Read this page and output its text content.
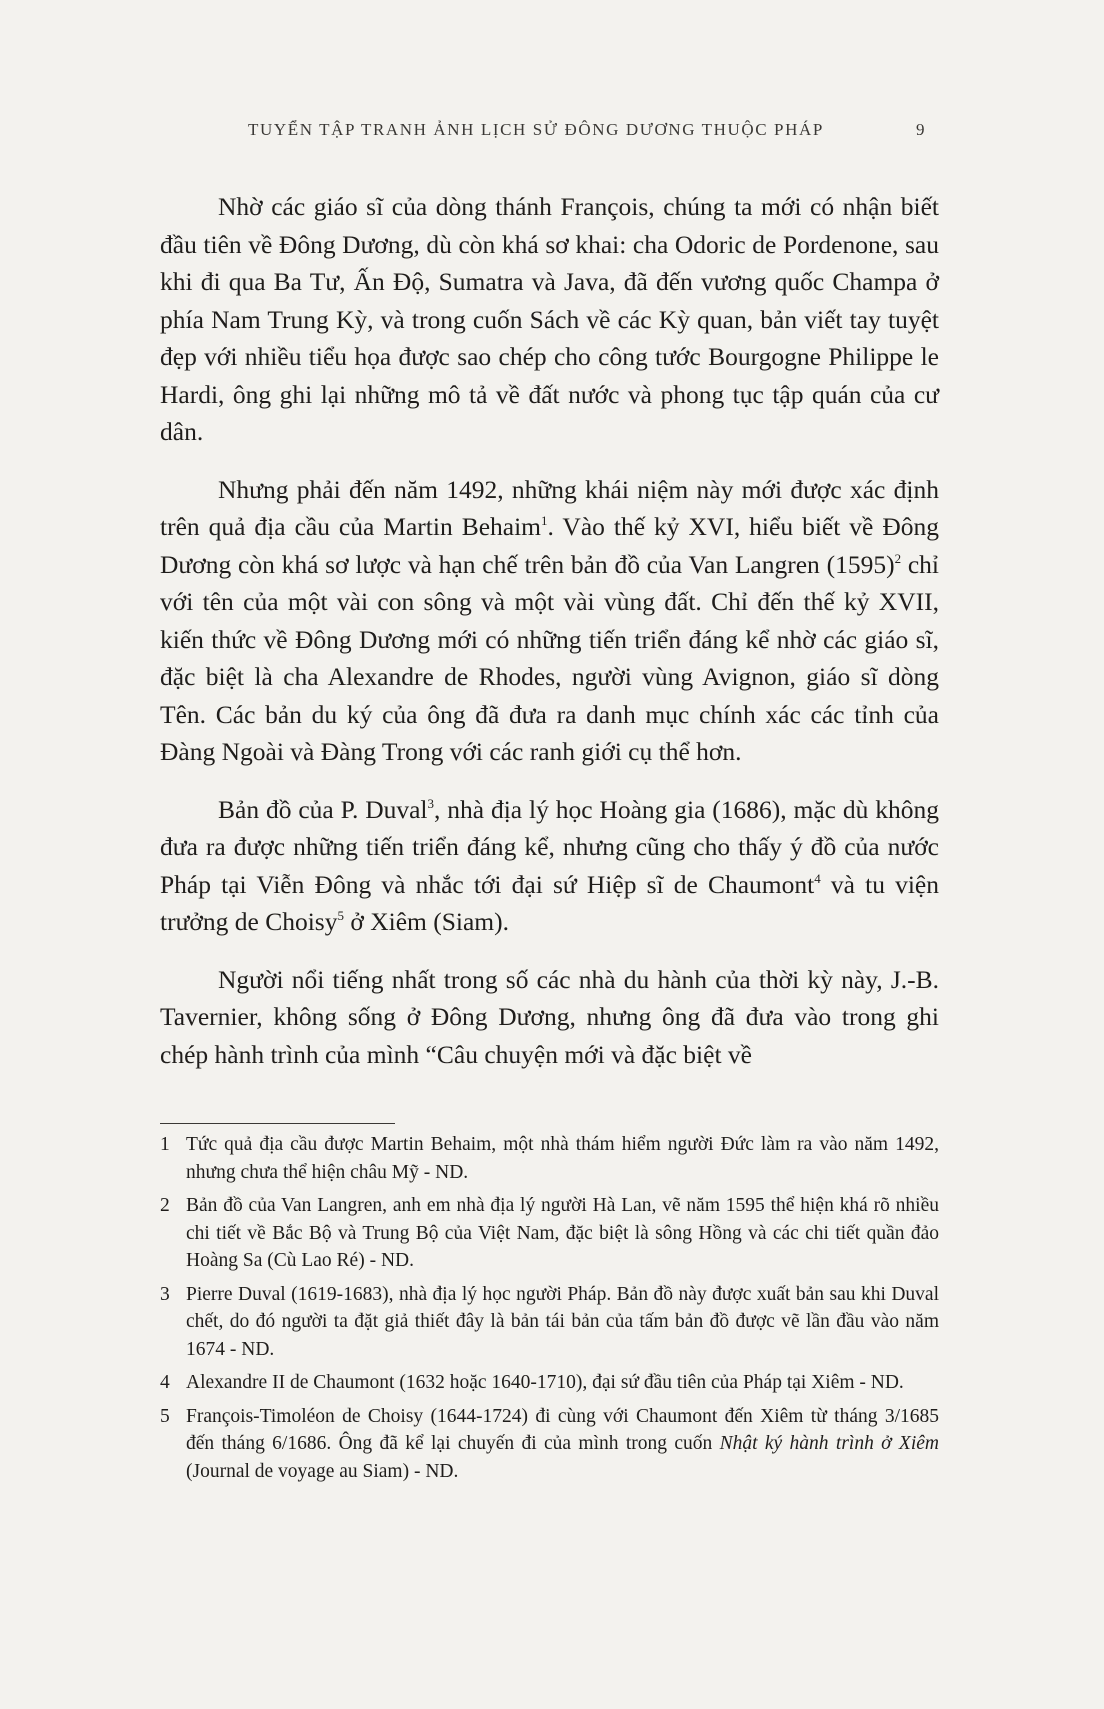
TUYỂN TẬP TRANH ẢNH LỊCH SỬ ĐÔNG DƯƠNG THUỘC PHÁP	9

Nhờ các giáo sĩ của dòng thánh François, chúng ta mới có nhận biết đầu tiên về Đông Dương, dù còn khá sơ khai: cha Odoric de Pordenone, sau khi đi qua Ba Tư, Ấn Độ, Sumatra và Java, đã đến vương quốc Champa ở phía Nam Trung Kỳ, và trong cuốn Sách về các Kỳ quan, bản viết tay tuyệt đẹp với nhiều tiểu họa được sao chép cho công tước Bourgogne Philippe le Hardi, ông ghi lại những mô tả về đất nước và phong tục tập quán của cư dân.

Nhưng phải đến năm 1492, những khái niệm này mới được xác định trên quả địa cầu của Martin Behaim$^1$. Vào thế kỷ XVI, hiểu biết về Đông Dương còn khá sơ lược và hạn chế trên bản đồ của Van Langren $(1595)^2$ chỉ với tên của một vài con sông và một vài vùng đất. Chỉ đến thế kỷ XVII, kiến thức về Đông Dương mới có những tiến triển đáng kể nhờ các giáo sĩ, đặc biệt là cha Alexandre de Rhodes, người vùng Avignon, giáo sĩ dòng Tên. Các bản du ký của ông đã đưa ra danh mục chính xác các tỉnh của Đàng Ngoài và Đàng Trong với các ranh giới cụ thể hơn.

Bản đồ của P. Duval$^3$, nhà địa lý học Hoàng gia (1686), mặc dù không đưa ra được những tiến triển đáng kể, nhưng cũng cho thấy ý đồ của nước Pháp tại Viễn Đông và nhắc tới đại sứ Hiệp sĩ de Chaumont$^4$ và tu viện trưởng de Choisy$^5$ ở Xiêm (Siam).

Người nổi tiếng nhất trong số các nhà du hành của thời kỳ này, J.-B. Tavernier, không sống ở Đông Dương, nhưng ông đã đưa vào trong ghi chép hành trình của mình “Câu chuyện mới và đặc biệt về

1 Tức quả địa cầu được Martin Behaim, một nhà thám hiểm người Đức làm ra vào năm 1492, nhưng chưa thể hiện châu Mỹ - ND.
2 Bản đồ của Van Langren, anh em nhà địa lý người Hà Lan, vẽ năm 1595 thể hiện khá rõ nhiều chi tiết về Bắc Bộ và Trung Bộ của Việt Nam, đặc biệt là sông Hồng và các chi tiết quần đảo Hoàng Sa (Cù Lao Ré) - ND.
3 Pierre Duval (1619-1683), nhà địa lý học người Pháp. Bản đồ này được xuất bản sau khi Duval chết, do đó người ta đặt giả thiết đây là bản tái bản của tấm bản đồ được vẽ lần đầu vào năm 1674 - ND.
4 Alexandre II de Chaumont (1632 hoặc 1640-1710), đại sứ đầu tiên của Pháp tại Xiêm - ND.
5 François-Timoléon de Choisy (1644-1724) đi cùng với Chaumont đến Xiêm từ tháng 3/1685 đến tháng 6/1686. Ông đã kể lại chuyến đi của mình trong cuốn Nhật ký hành trình ở Xiêm (Journal de voyage au Siam) - ND.
